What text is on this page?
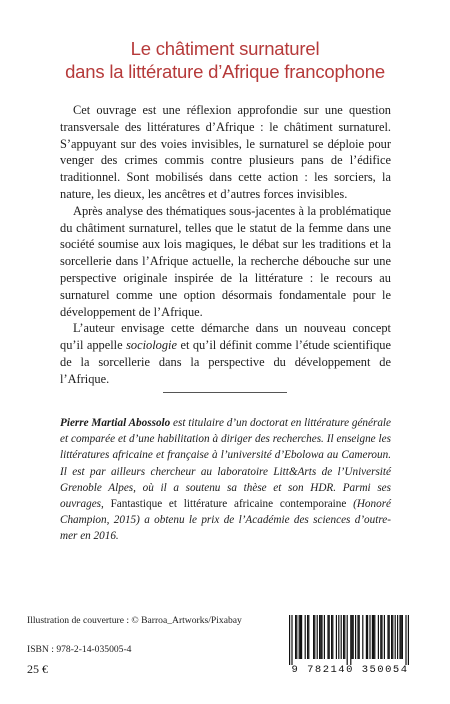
Le châtiment surnaturel
dans la littérature d’Afrique francophone

Cet ouvrage est une réflexion approfondie sur une question transversale des littératures d’Afrique : le châtiment surnaturel. S’appuyant sur des voies invisibles, le surnaturel se déploie pour venger des crimes commis contre plusieurs pans de l’édifice traditionnel. Sont mobilisés dans cette action : les sorciers, la nature, les dieux, les ancêtres et d’autres forces invisibles.

Après analyse des thématiques sous-jacentes à la problématique du châtiment surnaturel, telles que le statut de la femme dans une société soumise aux lois magiques, le débat sur les traditions et la sorcellerie dans l’Afrique actuelle, la recherche débouche sur une perspective originale inspirée de la littérature : le recours au surnaturel comme une option désormais fondamentale pour le développement de l’Afrique.

L’auteur envisage cette démarche dans un nouveau concept qu’il appelle sociologie et qu’il définit comme l’étude scientifique de la sorcellerie dans la perspective du développement de l’Afrique.

Pierre Martial Abossolo est titulaire d’un doctorat en littérature générale et comparée et d’une habilitation à diriger des recherches. Il enseigne les littératures africaine et française à l’université d’Ebolowa au Cameroun. Il est par ailleurs chercheur au laboratoire Litt&Arts de l’Université Grenoble Alpes, où il a soutenu sa thèse et son HDR. Parmi ses ouvrages, Fantastique et littérature africaine contemporaine (Honoré Champion, 2015) a obtenu le prix de l’Académie des sciences d’outre-mer en 2016.

Illustration de couverture : © Barroa_Artworks/Pixabay
ISBN : 978-2-14-035005-4
25 €	9 782140 350054
